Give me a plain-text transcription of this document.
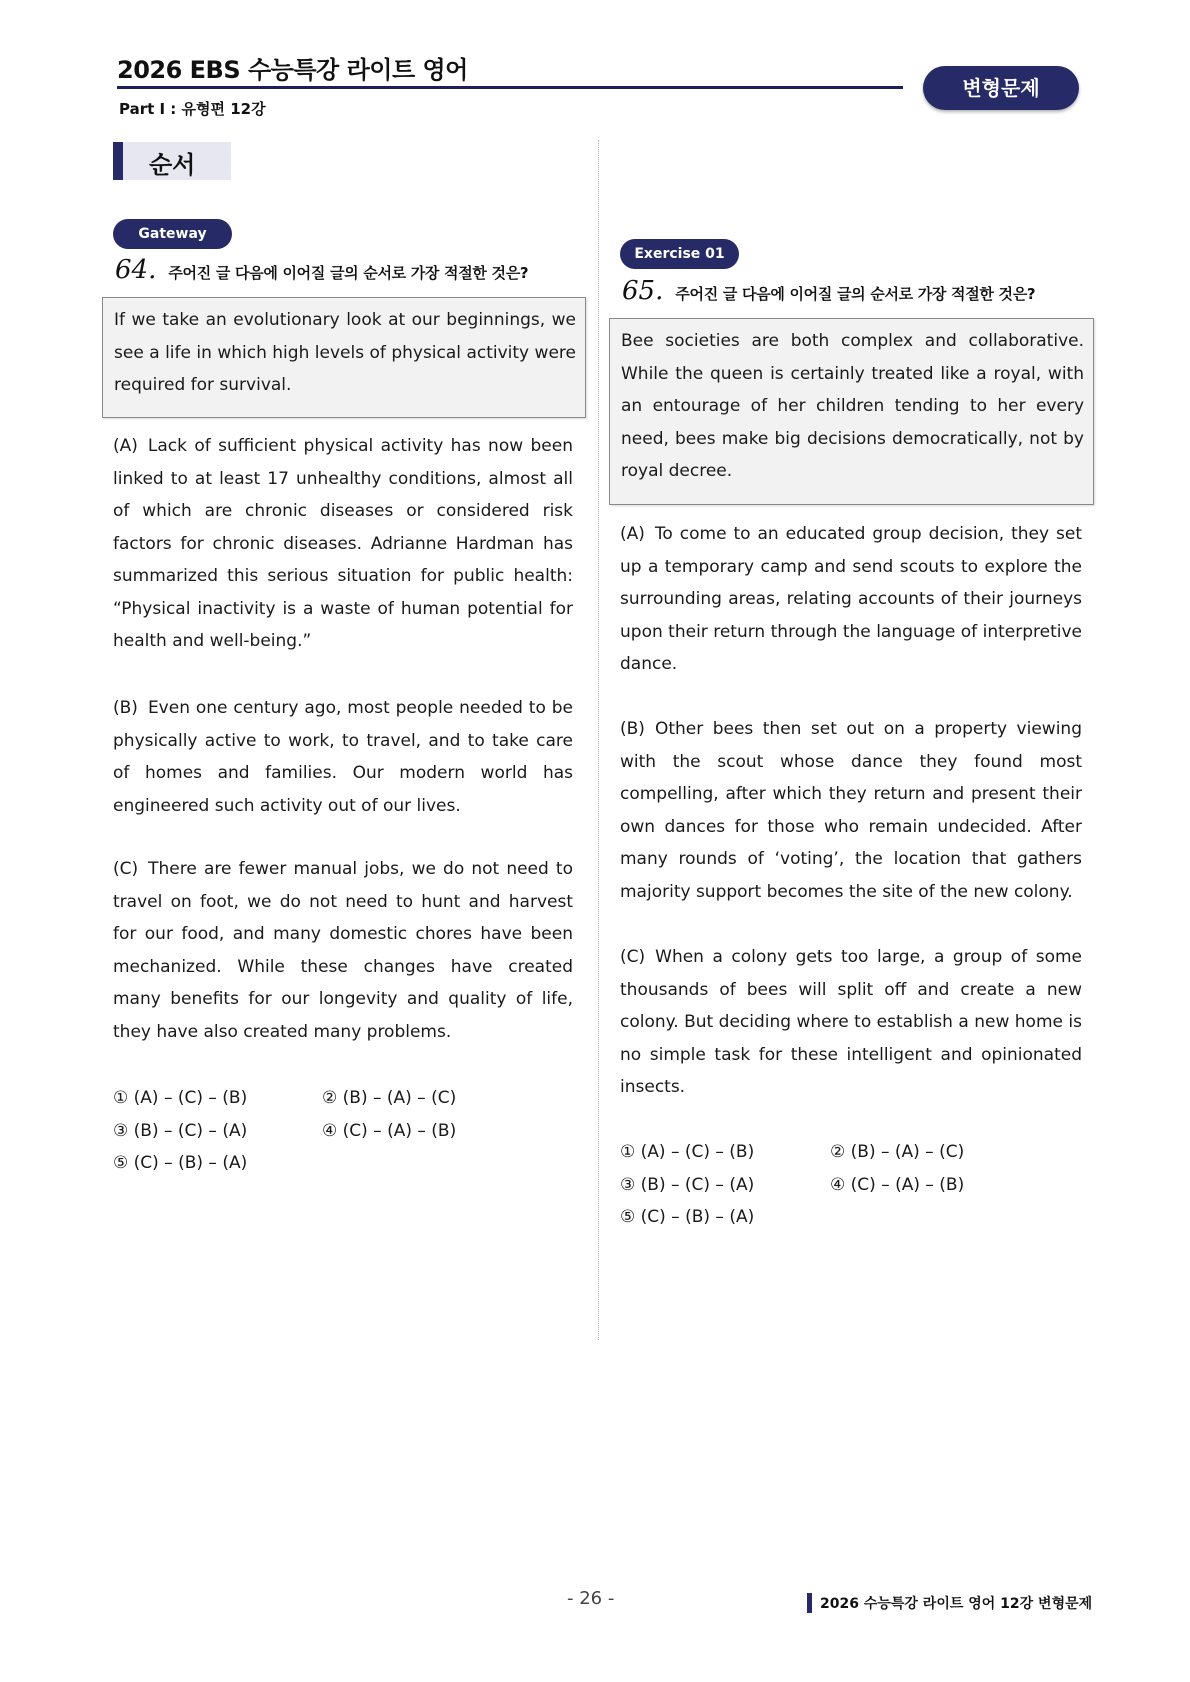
2026 EBS 수능특강 라이트 영어
Part Ⅰ : 유형편 12강
변형문제
순서
Gateway
64. 주어진 글 다음에 이어질 글의 순서로 가장 적절한 것은?

If we take an evolutionary look at our beginnings, we see a life in which high levels of physical activity were required for survival.

(A) Lack of sufficient physical activity has now been linked to at least 17 unhealthy conditions, almost all of which are chronic diseases or considered risk factors for chronic diseases. Adrianne Hardman has summarized this serious situation for public health: “Physical inactivity is a waste of human potential for health and well-being.”

(B) Even one century ago, most people needed to be physically active to work, to travel, and to take care of homes and families. Our modern world has engineered such activity out of our lives.

(C) There are fewer manual jobs, we do not need to travel on foot, we do not need to hunt and harvest for our food, and many domestic chores have been mechanized. While these changes have created many benefits for our longevity and quality of life, they have also created many problems.

① (A) – (C) – (B)	② (B) – (A) – (C)
③ (B) – (C) – (A)	④ (C) – (A) – (B)
⑤ (C) – (B) – (A)
Exercise 01
65. 주어진 글 다음에 이어질 글의 순서로 가장 적절한 것은?

Bee societies are both complex and collaborative. While the queen is certainly treated like a royal, with an entourage of her children tending to her every need, bees make big decisions democratically, not by royal decree.

(A) To come to an educated group decision, they set up a temporary camp and send scouts to explore the surrounding areas, relating accounts of their journeys upon their return through the language of interpretive dance.

(B) Other bees then set out on a property viewing with the scout whose dance they found most compelling, after which they return and present their own dances for those who remain undecided. After many rounds of ‘voting’, the location that gathers majority support becomes the site of the new colony.

(C) When a colony gets too large, a group of some thousands of bees will split off and create a new colony. But deciding where to establish a new home is no simple task for these intelligent and opinionated insects.

① (A) – (C) – (B)	② (B) – (A) – (C)
③ (B) – (C) – (A)	④ (C) – (A) – (B)
⑤ (C) – (B) – (A)
- 26 -	2026 수능특강 라이트 영어 12강 변형문제
